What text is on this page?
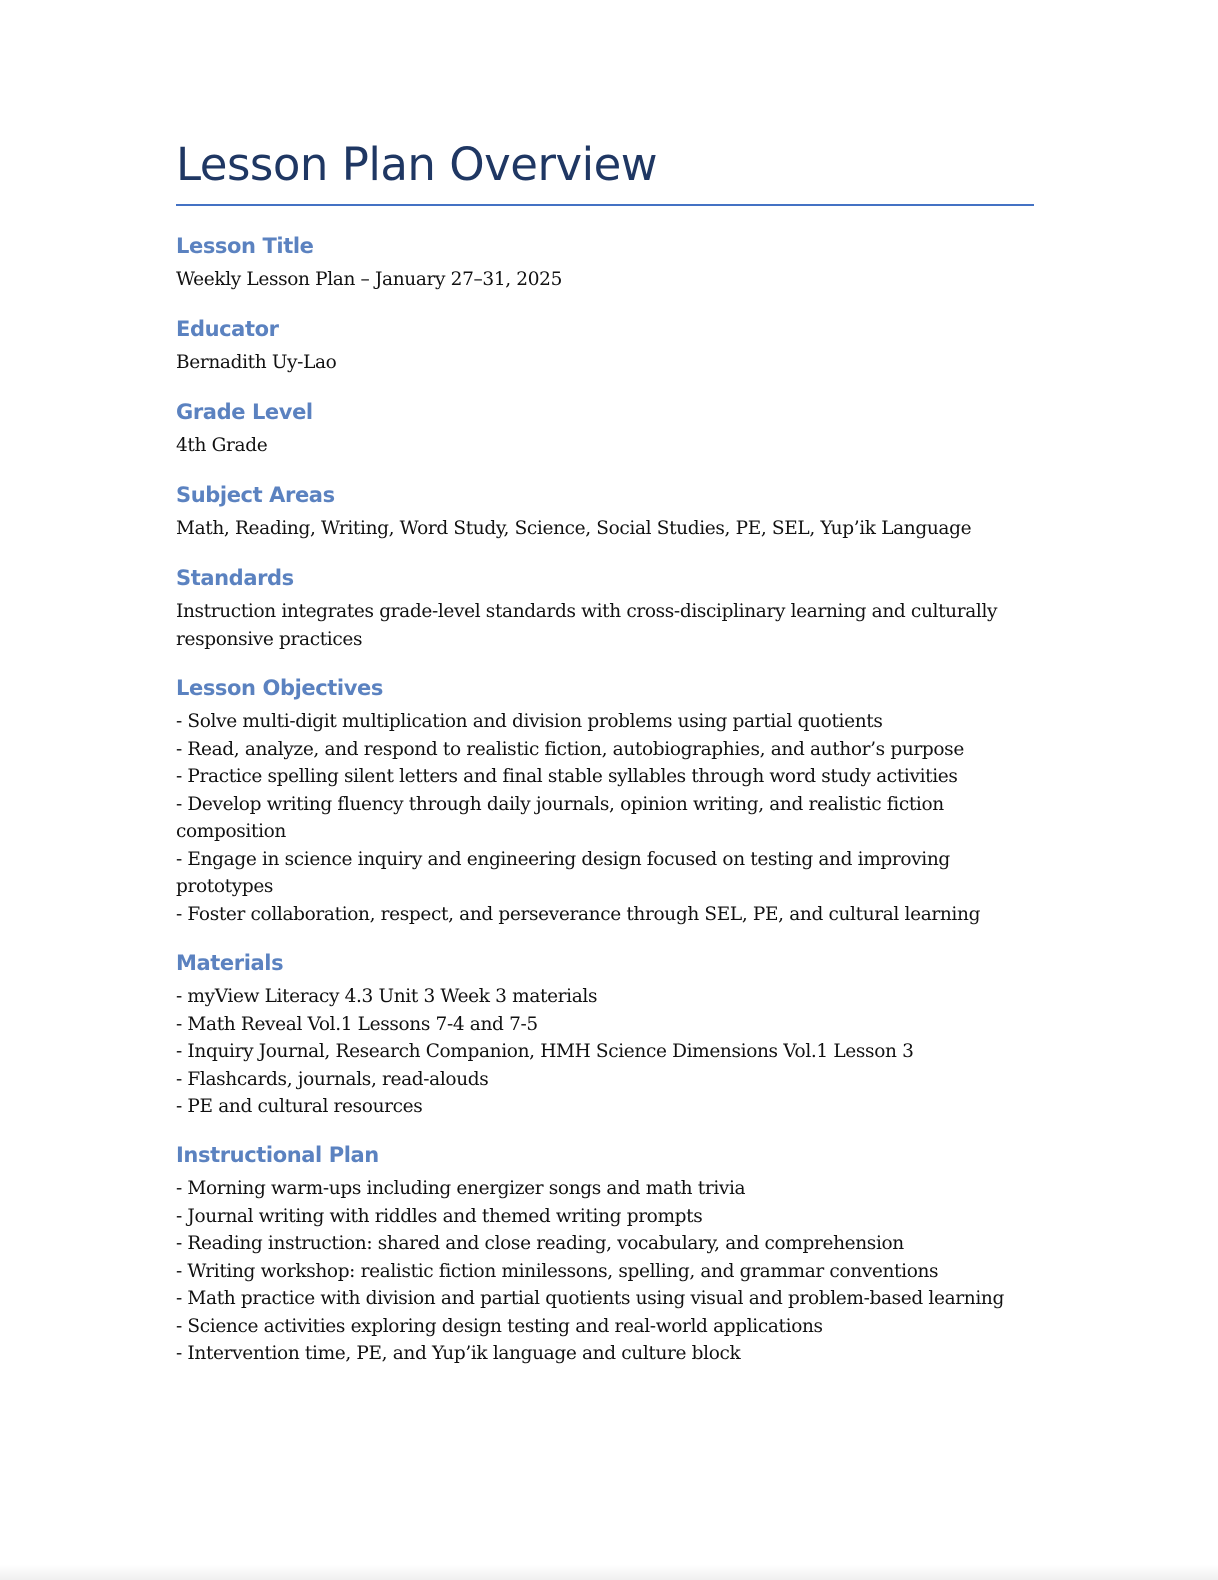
Lesson Plan Overview
Lesson Title

Weekly Lesson Plan – January 27–31, 2025

Educator

Bernadith Uy-Lao

Grade Level

4th Grade

Subject Areas

Math, Reading, Writing, Word Study, Science, Social Studies, PE, SEL, Yup’ik Language

Standards

Instruction integrates grade-level standards with cross-disciplinary learning and culturally
responsive practices

Lesson Objectives

- Solve multi-digit multiplication and division problems using partial quotients
- Read, analyze, and respond to realistic fiction, autobiographies, and author’s purpose
- Practice spelling silent letters and final stable syllables through word study activities
- Develop writing fluency through daily journals, opinion writing, and realistic fiction
composition
- Engage in science inquiry and engineering design focused on testing and improving
prototypes
- Foster collaboration, respect, and perseverance through SEL, PE, and cultural learning

Materials

- myView Literacy 4.3 Unit 3 Week 3 materials
- Math Reveal Vol.1 Lessons 7-4 and 7-5
- Inquiry Journal, Research Companion, HMH Science Dimensions Vol.1 Lesson 3
- Flashcards, journals, read-alouds
- PE and cultural resources

Instructional Plan

- Morning warm-ups including energizer songs and math trivia
- Journal writing with riddles and themed writing prompts
- Reading instruction: shared and close reading, vocabulary, and comprehension
- Writing workshop: realistic fiction minilessons, spelling, and grammar conventions
- Math practice with division and partial quotients using visual and problem-based learning
- Science activities exploring design testing and real-world applications
- Intervention time, PE, and Yup’ik language and culture block
